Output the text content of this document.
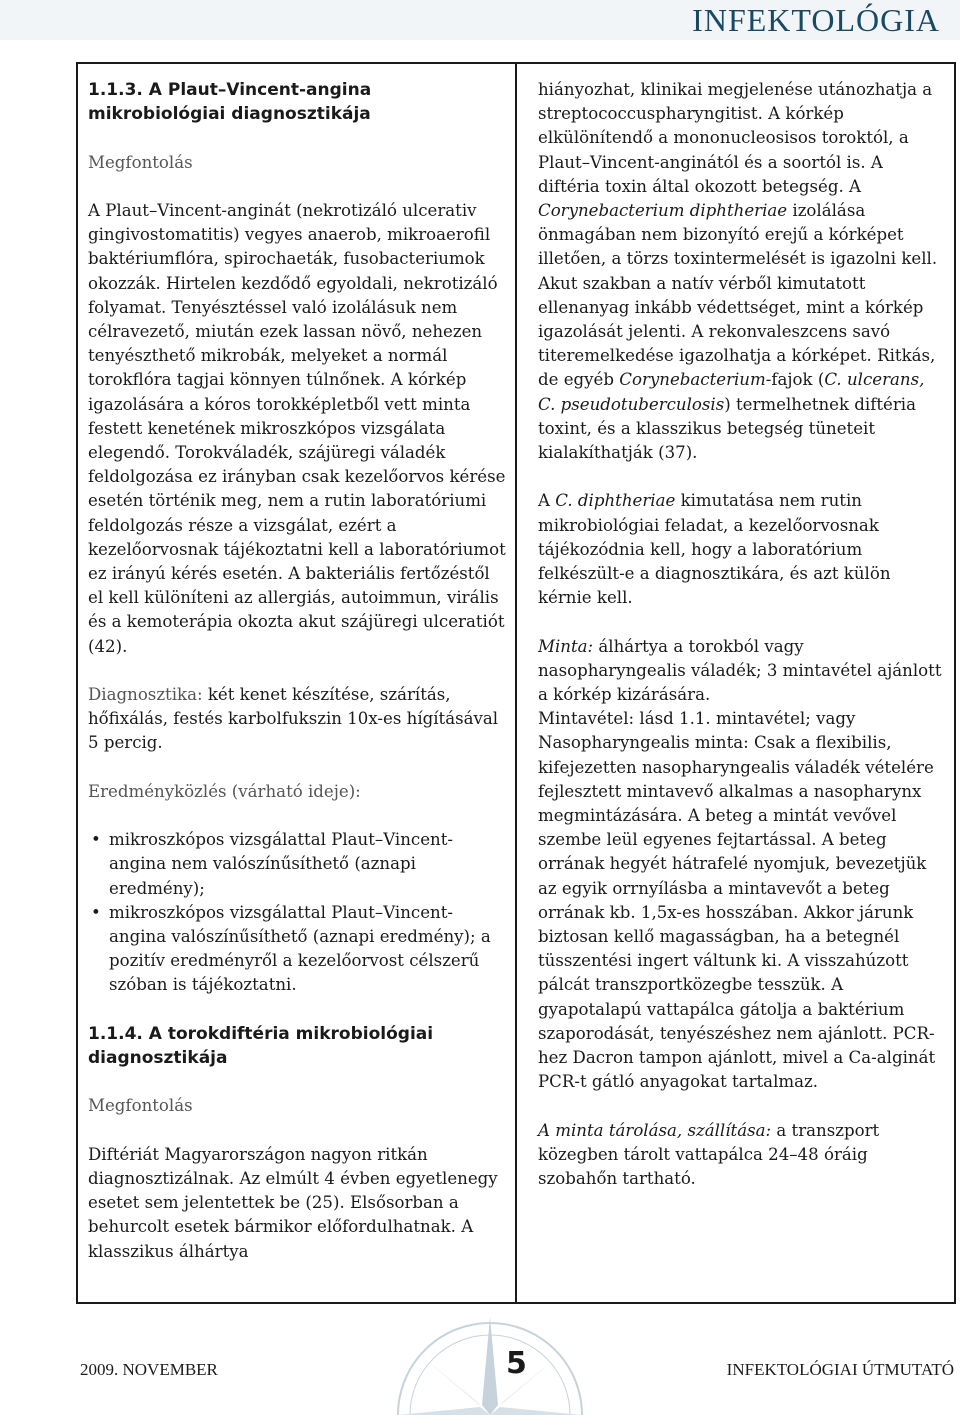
INFEKTOLÓGIA
1.1.3. A Plaut–Vincent-angina mikrobiológiai diagnosztikája

Megfontolás

A Plaut–Vincent-anginát (nekrotizáló ulcerativ gingivostomatitis) vegyes anaerob, mikroaerofil baktériumflóra, spirochaeták, fusobacteriumok okozzák. Hirtelen kezdődő egyoldali, nekrotizáló folyamat. Tenyésztéssel való izolálásuk nem célravezető, miután ezek lassan növő, nehezen tenyészthető mikrobák, melyeket a normál torokflóra tagjai könnyen túlnőnek. A kórkép igazolására a kóros torokképletből vett minta festett kenetének mikroszkópos vizsgálata elegendő. Torokváladék, szájüregi váladék feldolgozása ez irányban csak kezelőorvos kérése esetén történik meg, nem a rutin laboratóriumi feldolgozás része a vizsgálat, ezért a kezelőorvosnak tájékoztatni kell a laboratóriumot ez irányú kérés esetén. A bakteriális fertőzéstől el kell különíteni az allergiás, autoimmun, virális és a kemoterápia okozta akut szájüregi ulceratiót (42).

Diagnosztika: két kenet készítése, szárítás, hőfixálás, festés karbolfukszin 10x-es hígításával 5 percig.

Eredményközlés (várható ideje):

• mikroszkópos vizsgálattal Plaut–Vincent-angina nem valószínűsíthető (aznapi eredmény);
• mikroszkópos vizsgálattal Plaut–Vincent-angina valószínűsíthető (aznapi eredmény); a pozitív eredményről a kezelőorvost célszerű szóban is tájékoztatni.
1.1.4. A torokdiftéria mikrobiológiai diagnosztikája

Megfontolás

Diftériát Magyarországon nagyon ritkán diagnosztizálnak. Az elmúlt 4 évben egyetlenegy esetet sem jelentettek be (25). Elsősorban a behurcolt esetek bármikor előfordulhatnak. A klasszikus álhártya

hiányozhat, klinikai megjelenése utánozhatja a streptococcuspharyngitist. A kórkép elkülönítendő a mononucleosisos toroktól, a Plaut–Vincent-anginától és a soortól is. A diftéria toxin által okozott betegség. A Corynebacterium diphtheriae izolálása önmagában nem bizonyító erejű a kórképet illetően, a törzs toxintermelését is igazolni kell. Akut szakban a natív vérből kimutatott ellenanyag inkább védettséget, mint a kórkép igazolását jelenti. A rekonvaleszcens savó titeremelkedése igazolhatja a kórképet. Ritkás, de egyéb Corynebacterium-fajok (C. ulcerans, C. pseudotuberculosis) termelhetnek diftéria toxint, és a klasszikus betegség tüneteit kialakíthatják (37).

A C. diphtheriae kimutatása nem rutin mikrobiológiai feladat, a kezelőorvosnak tájékozódnia kell, hogy a laboratórium felkészült-e a diagnosztikára, és azt külön kérnie kell.

Minta: álhártya a torokból vagy nasopharyngealis váladék; 3 mintavétel ajánlott a kórkép kizárására.

Mintavétel: lásd 1.1. mintavétel; vagy Nasopharyngealis minta: Csak a flexibilis, kifejezetten nasopharyngealis váladék vételére fejlesztett mintavevő alkalmas a nasopharynx megmintázására. A beteg a mintát vevővel szembe leül egyenes fejtartással. A beteg orrának hegyét hátrafelé nyomjuk, bevezetjük az egyik orrnyílásba a mintavevőt a beteg orrának kb. 1,5x-es hosszában. Akkor járunk biztosan kellő magasságban, ha a betegnél tüsszentési ingert váltunk ki. A visszahúzott pálcát transzportközegbe tesszük. A gyapotalapú vattapálca gátolja a baktérium szaporodását, tenyészéshez nem ajánlott. PCR-hez Dacron tampon ajánlott, mivel a Ca-alginát PCR-t gátló anyagokat tartalmaz.

A minta tárolása, szállítása: a transzport közegben tárolt vattapálca 24–48 óráig szobahőn tartható.

2009. NOVEMBER	5	INFEKTOLÓGIAI ÚTMUTATÓ
